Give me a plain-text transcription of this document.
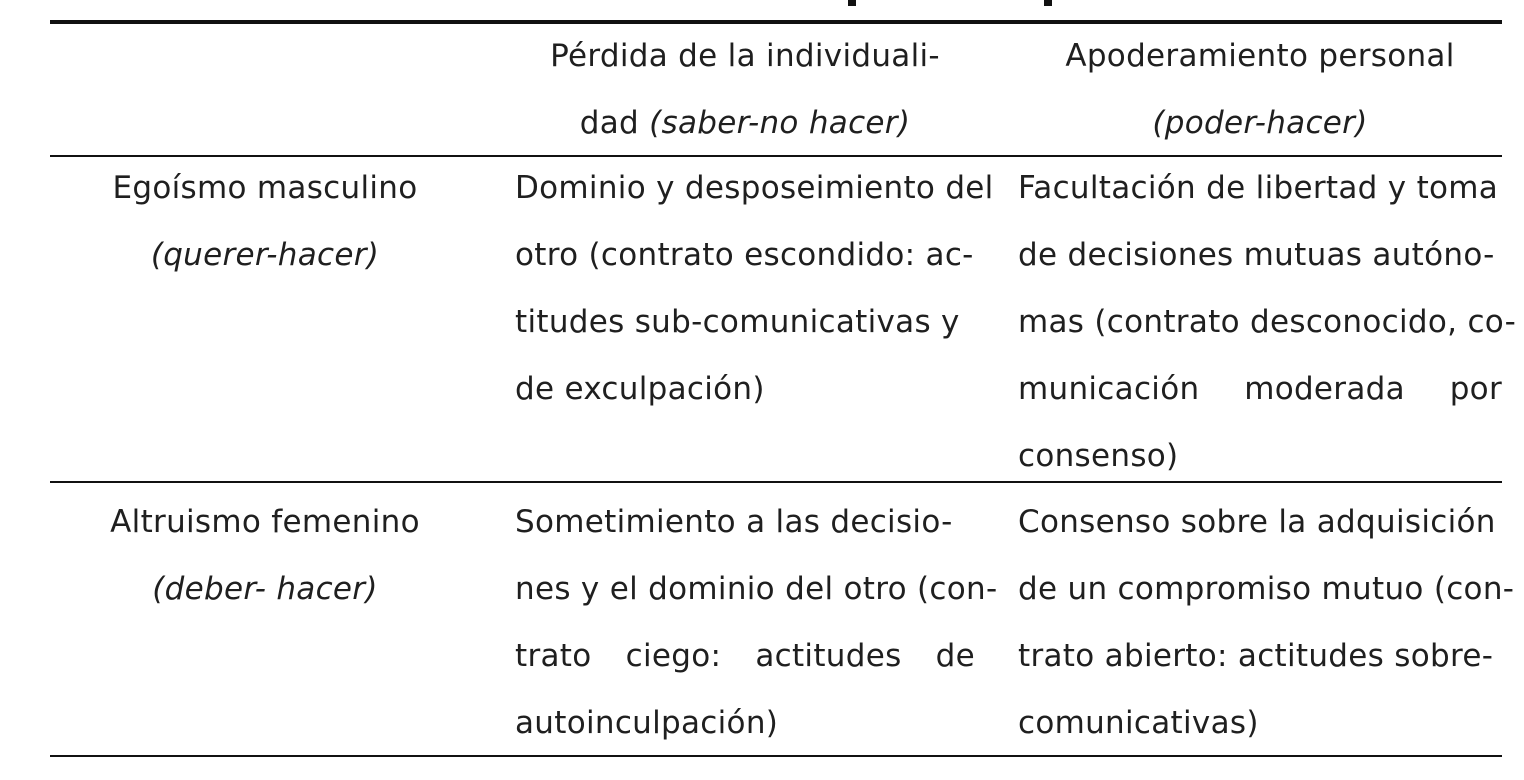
Pérdida de la individuali-
dad (saber-no hacer)
Apoderamiento personal
(poder-hacer)
Egoísmo masculino
(querer-hacer)
Dominio y desposeimiento del
otro (contrato escondido: ac-
titudes sub-comunicativas y
de exculpación)
Facultación de libertad y toma
de decisiones mutuas autóno-
mas (contrato desconocido, co-
municación moderada por
consenso)
Altruismo femenino
(deber- hacer)
Sometimiento a las decisio-
nes y el dominio del otro (con-
trato ciego: actitudes de
autoinculpación)
Consenso sobre la adquisición
de un compromiso mutuo (con-
trato abierto: actitudes sobre-
comunicativas)
